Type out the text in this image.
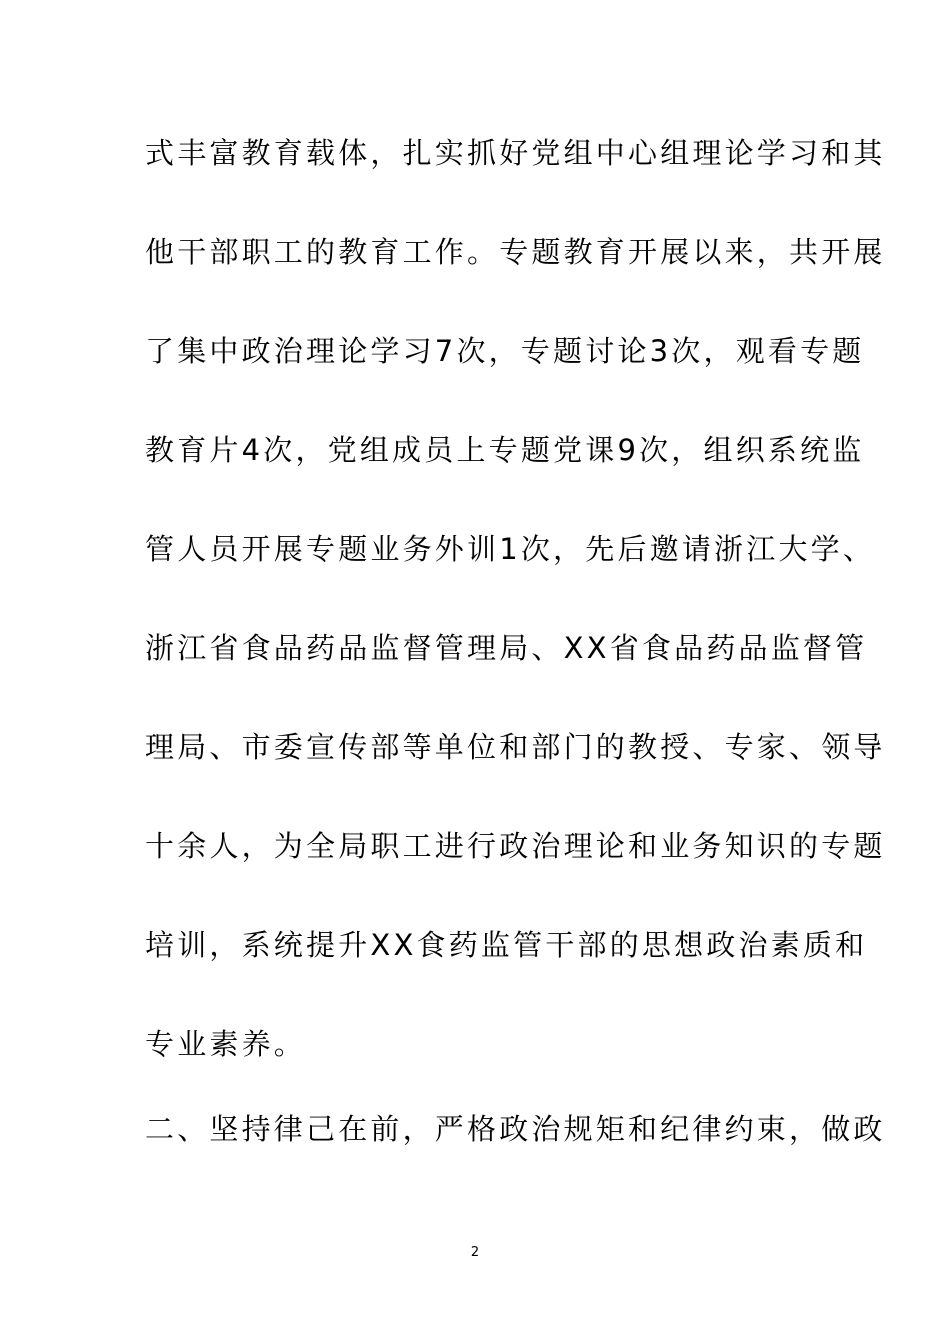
式丰富教育载体，扎实抓好党组中心组理论学习和其
他干部职工的教育工作。专题教育开展以来，共开展
了集中政治理论学习7次，专题讨论3次，观看专题
教育片4次，党组成员上专题党课9次，组织系统监
管人员开展专题业务外训1次，先后邀请浙江大学、
浙江省食品药品监督管理局、XX省食品药品监督管
理局、市委宣传部等单位和部门的教授、专家、领导
十余人，为全局职工进行政治理论和业务知识的专题
培训，系统提升XX食药监管干部的思想政治素质和
专业素养。
二、坚持律己在前，严格政治规矩和纪律约束，做政
2
